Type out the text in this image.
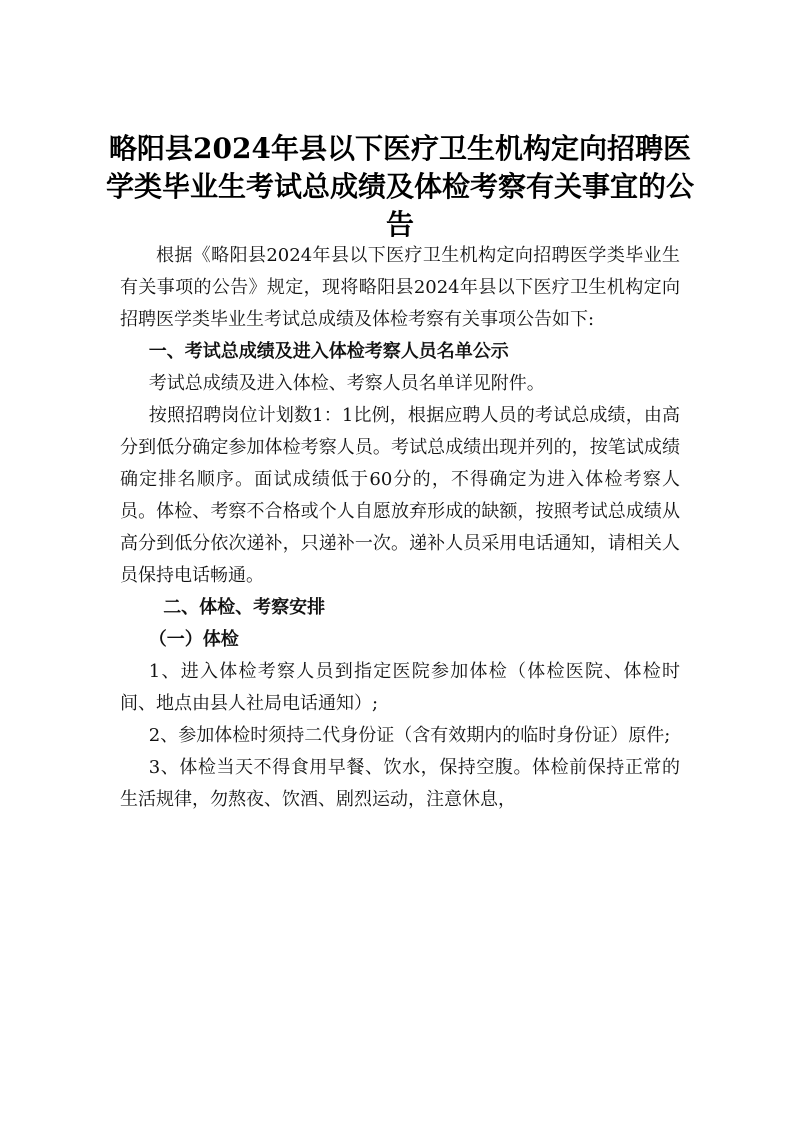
略阳县2024年县以下医疗卫生机构定向招聘医学类毕业生考试总成绩及体检考察有关事宜的公告

根据《略阳县2024年县以下医疗卫生机构定向招聘医学类毕业生有关事项的公告》规定，现将略阳县2024年县以下医疗卫生机构定向招聘医学类毕业生考试总成绩及体检考察有关事项公告如下:

一、考试总成绩及进入体检考察人员名单公示

考试总成绩及进入体检、考察人员名单详见附件。

按照招聘岗位计划数1：1比例，根据应聘人员的考试总成绩，由高分到低分确定参加体检考察人员。考试总成绩出现并列的，按笔试成绩确定排名顺序。面试成绩低于60分的，不得确定为进入体检考察人员。体检、考察不合格或个人自愿放弃形成的缺额，按照考试总成绩从高分到低分依次递补，只递补一次。递补人员采用电话通知，请相关人员保持电话畅通。

二、体检、考察安排

（一）体检

1、进入体检考察人员到指定医院参加体检（体检医院、体检时间、地点由县人社局电话通知）;

2、参加体检时须持二代身份证（含有效期内的临时身份证）原件;

3、体检当天不得食用早餐、饮水，保持空腹。体检前保持正常的生活规律，勿熬夜、饮酒、剧烈运动，注意休息，
